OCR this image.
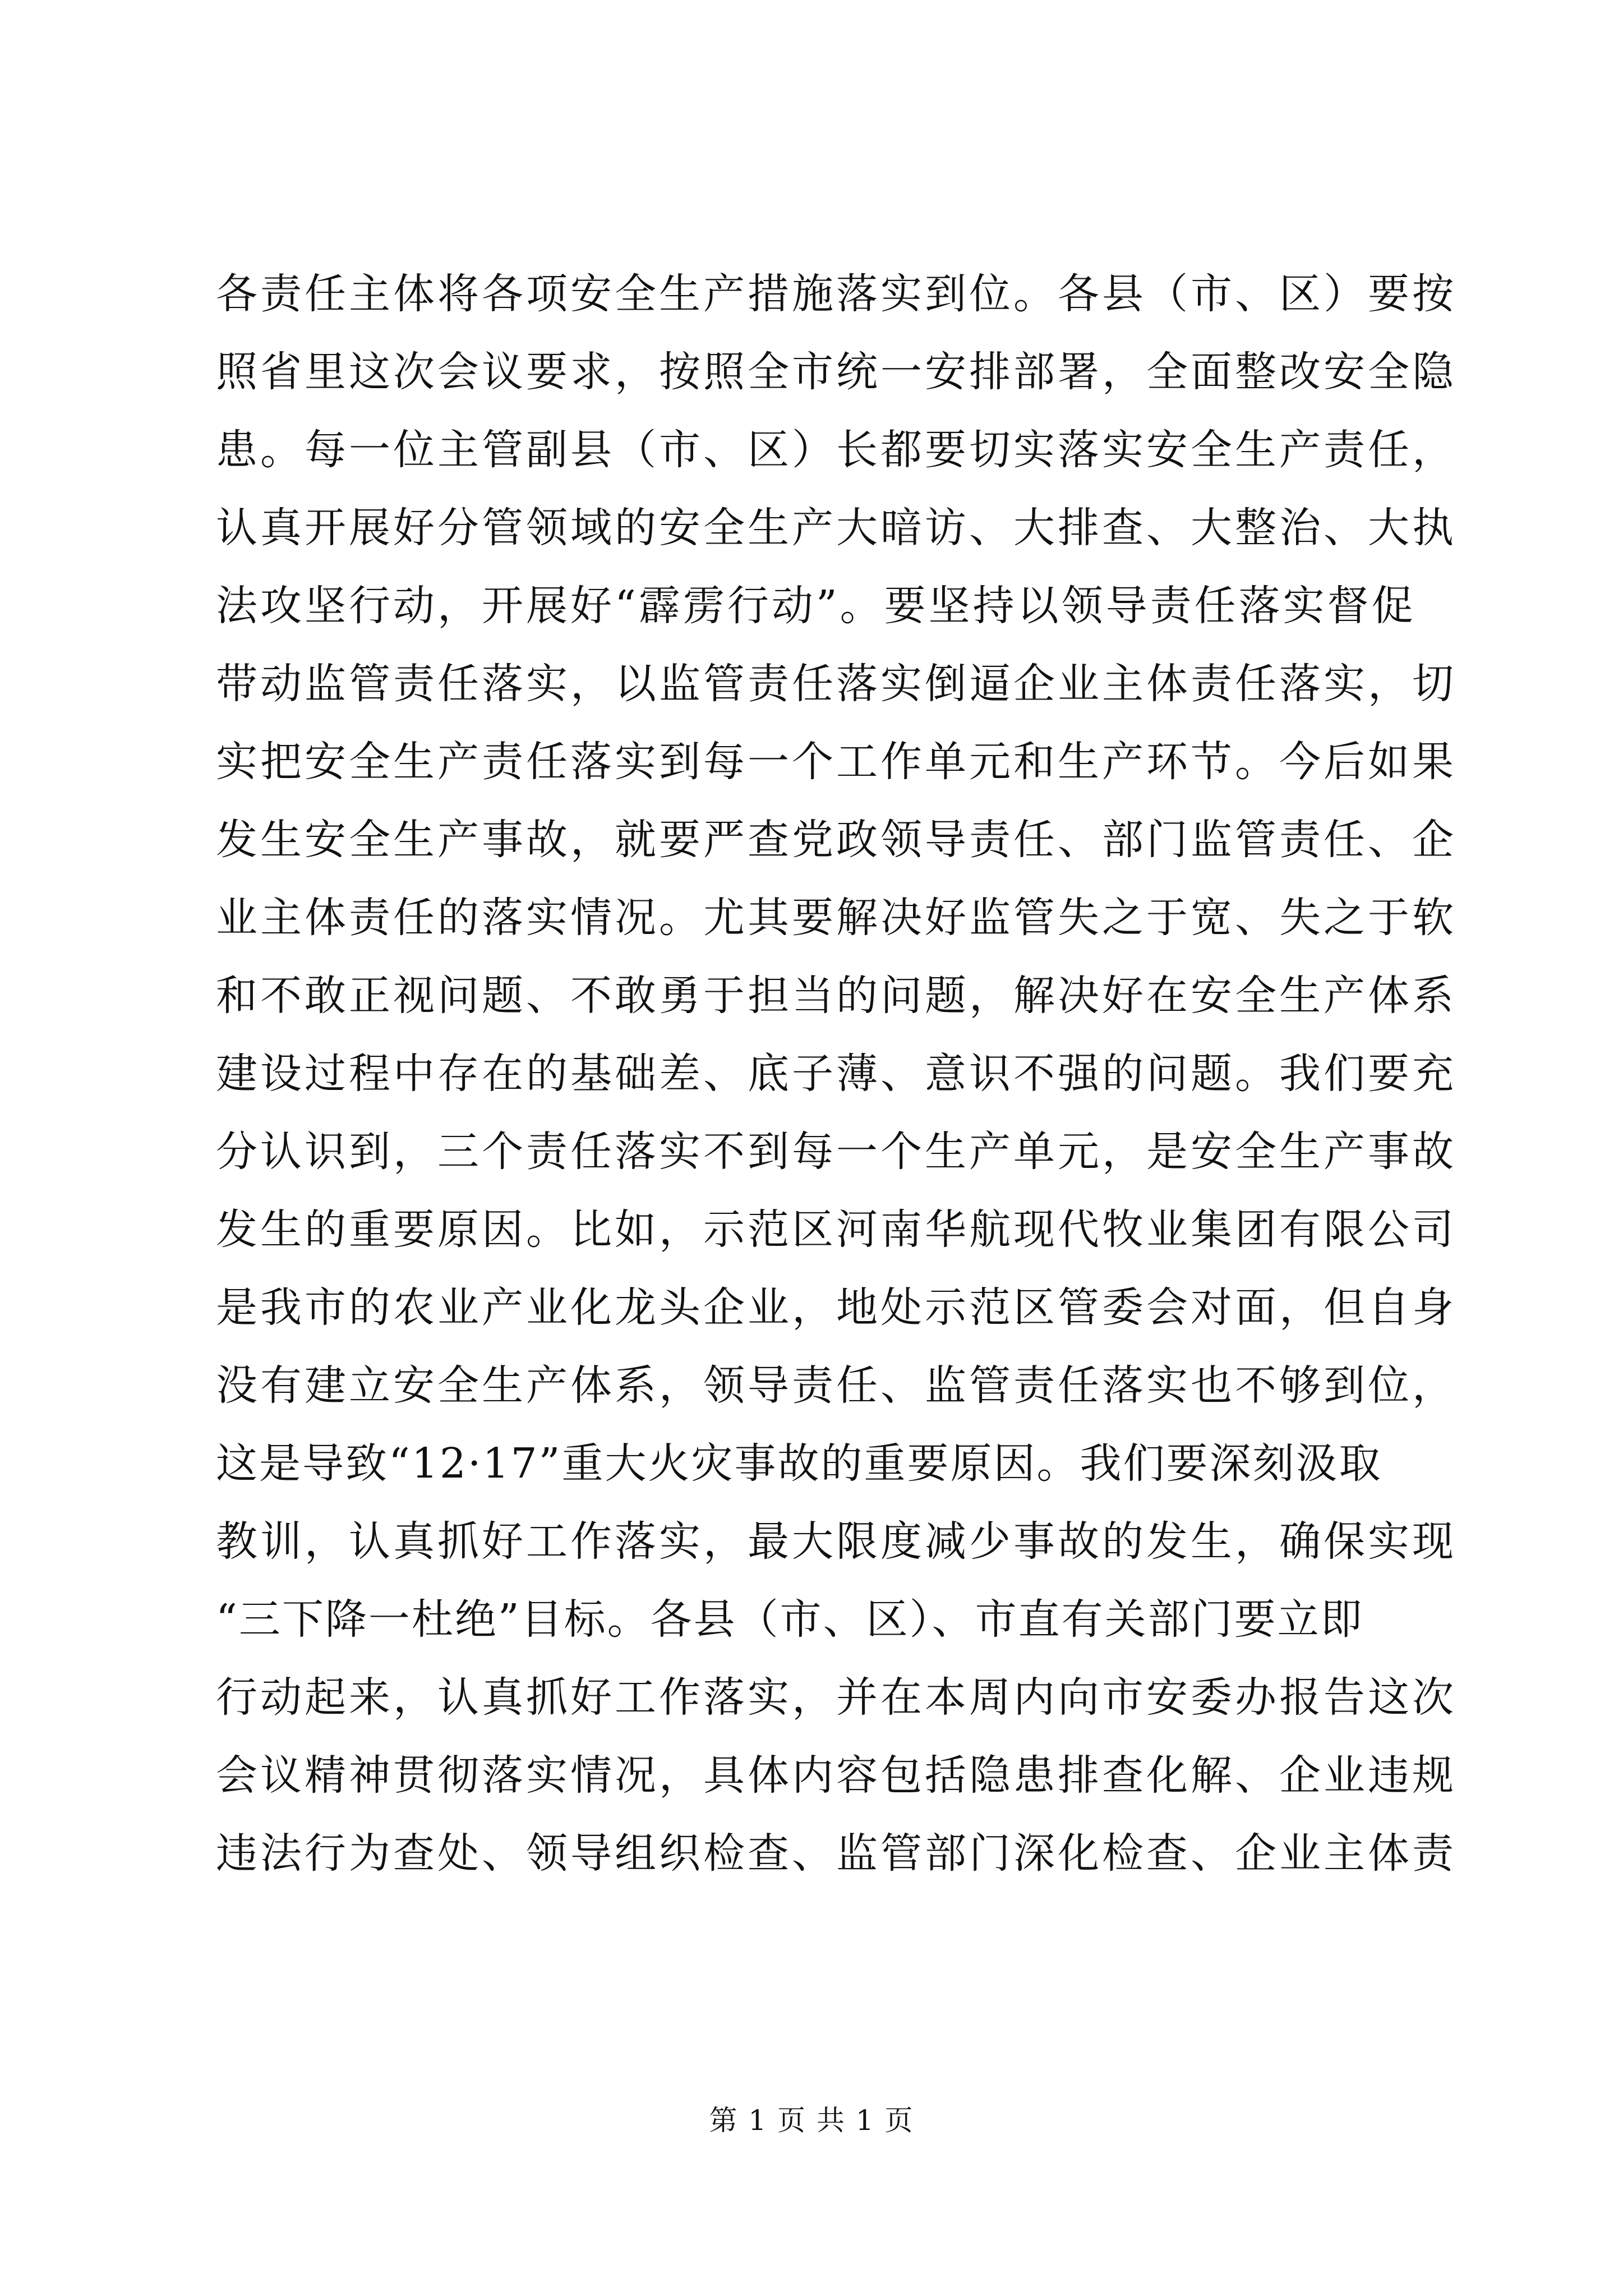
各责任主体将各项安全生产措施落实到位。各县（市、区）要按
照省里这次会议要求，按照全市统一安排部署，全面整改安全隐
患。每一位主管副县（市、区）长都要切实落实安全生产责任，
认真开展好分管领域的安全生产大暗访、大排查、大整治、大执
法攻坚行动，开展好“霹雳行动”。要坚持以领导责任落实督促
带动监管责任落实，以监管责任落实倒逼企业主体责任落实，切
实把安全生产责任落实到每一个工作单元和生产环节。今后如果
发生安全生产事故，就要严查党政领导责任、部门监管责任、企
业主体责任的落实情况。尤其要解决好监管失之于宽、失之于软
和不敢正视问题、不敢勇于担当的问题，解决好在安全生产体系
建设过程中存在的基础差、底子薄、意识不强的问题。我们要充
分认识到，三个责任落实不到每一个生产单元，是安全生产事故
发生的重要原因。比如，示范区河南华航现代牧业集团有限公司
是我市的农业产业化龙头企业，地处示范区管委会对面，但自身
没有建立安全生产体系，领导责任、监管责任落实也不够到位，
这是导致“12·17”重大火灾事故的重要原因。我们要深刻汲取
教训，认真抓好工作落实，最大限度减少事故的发生，确保实现
“三下降一杜绝”目标。各县（市、区）、市直有关部门要立即
行动起来，认真抓好工作落实，并在本周内向市安委办报告这次
会议精神贯彻落实情况，具体内容包括隐患排查化解、企业违规
违法行为查处、领导组织检查、监管部门深化检查、企业主体责
第 1 页 共 1 页
